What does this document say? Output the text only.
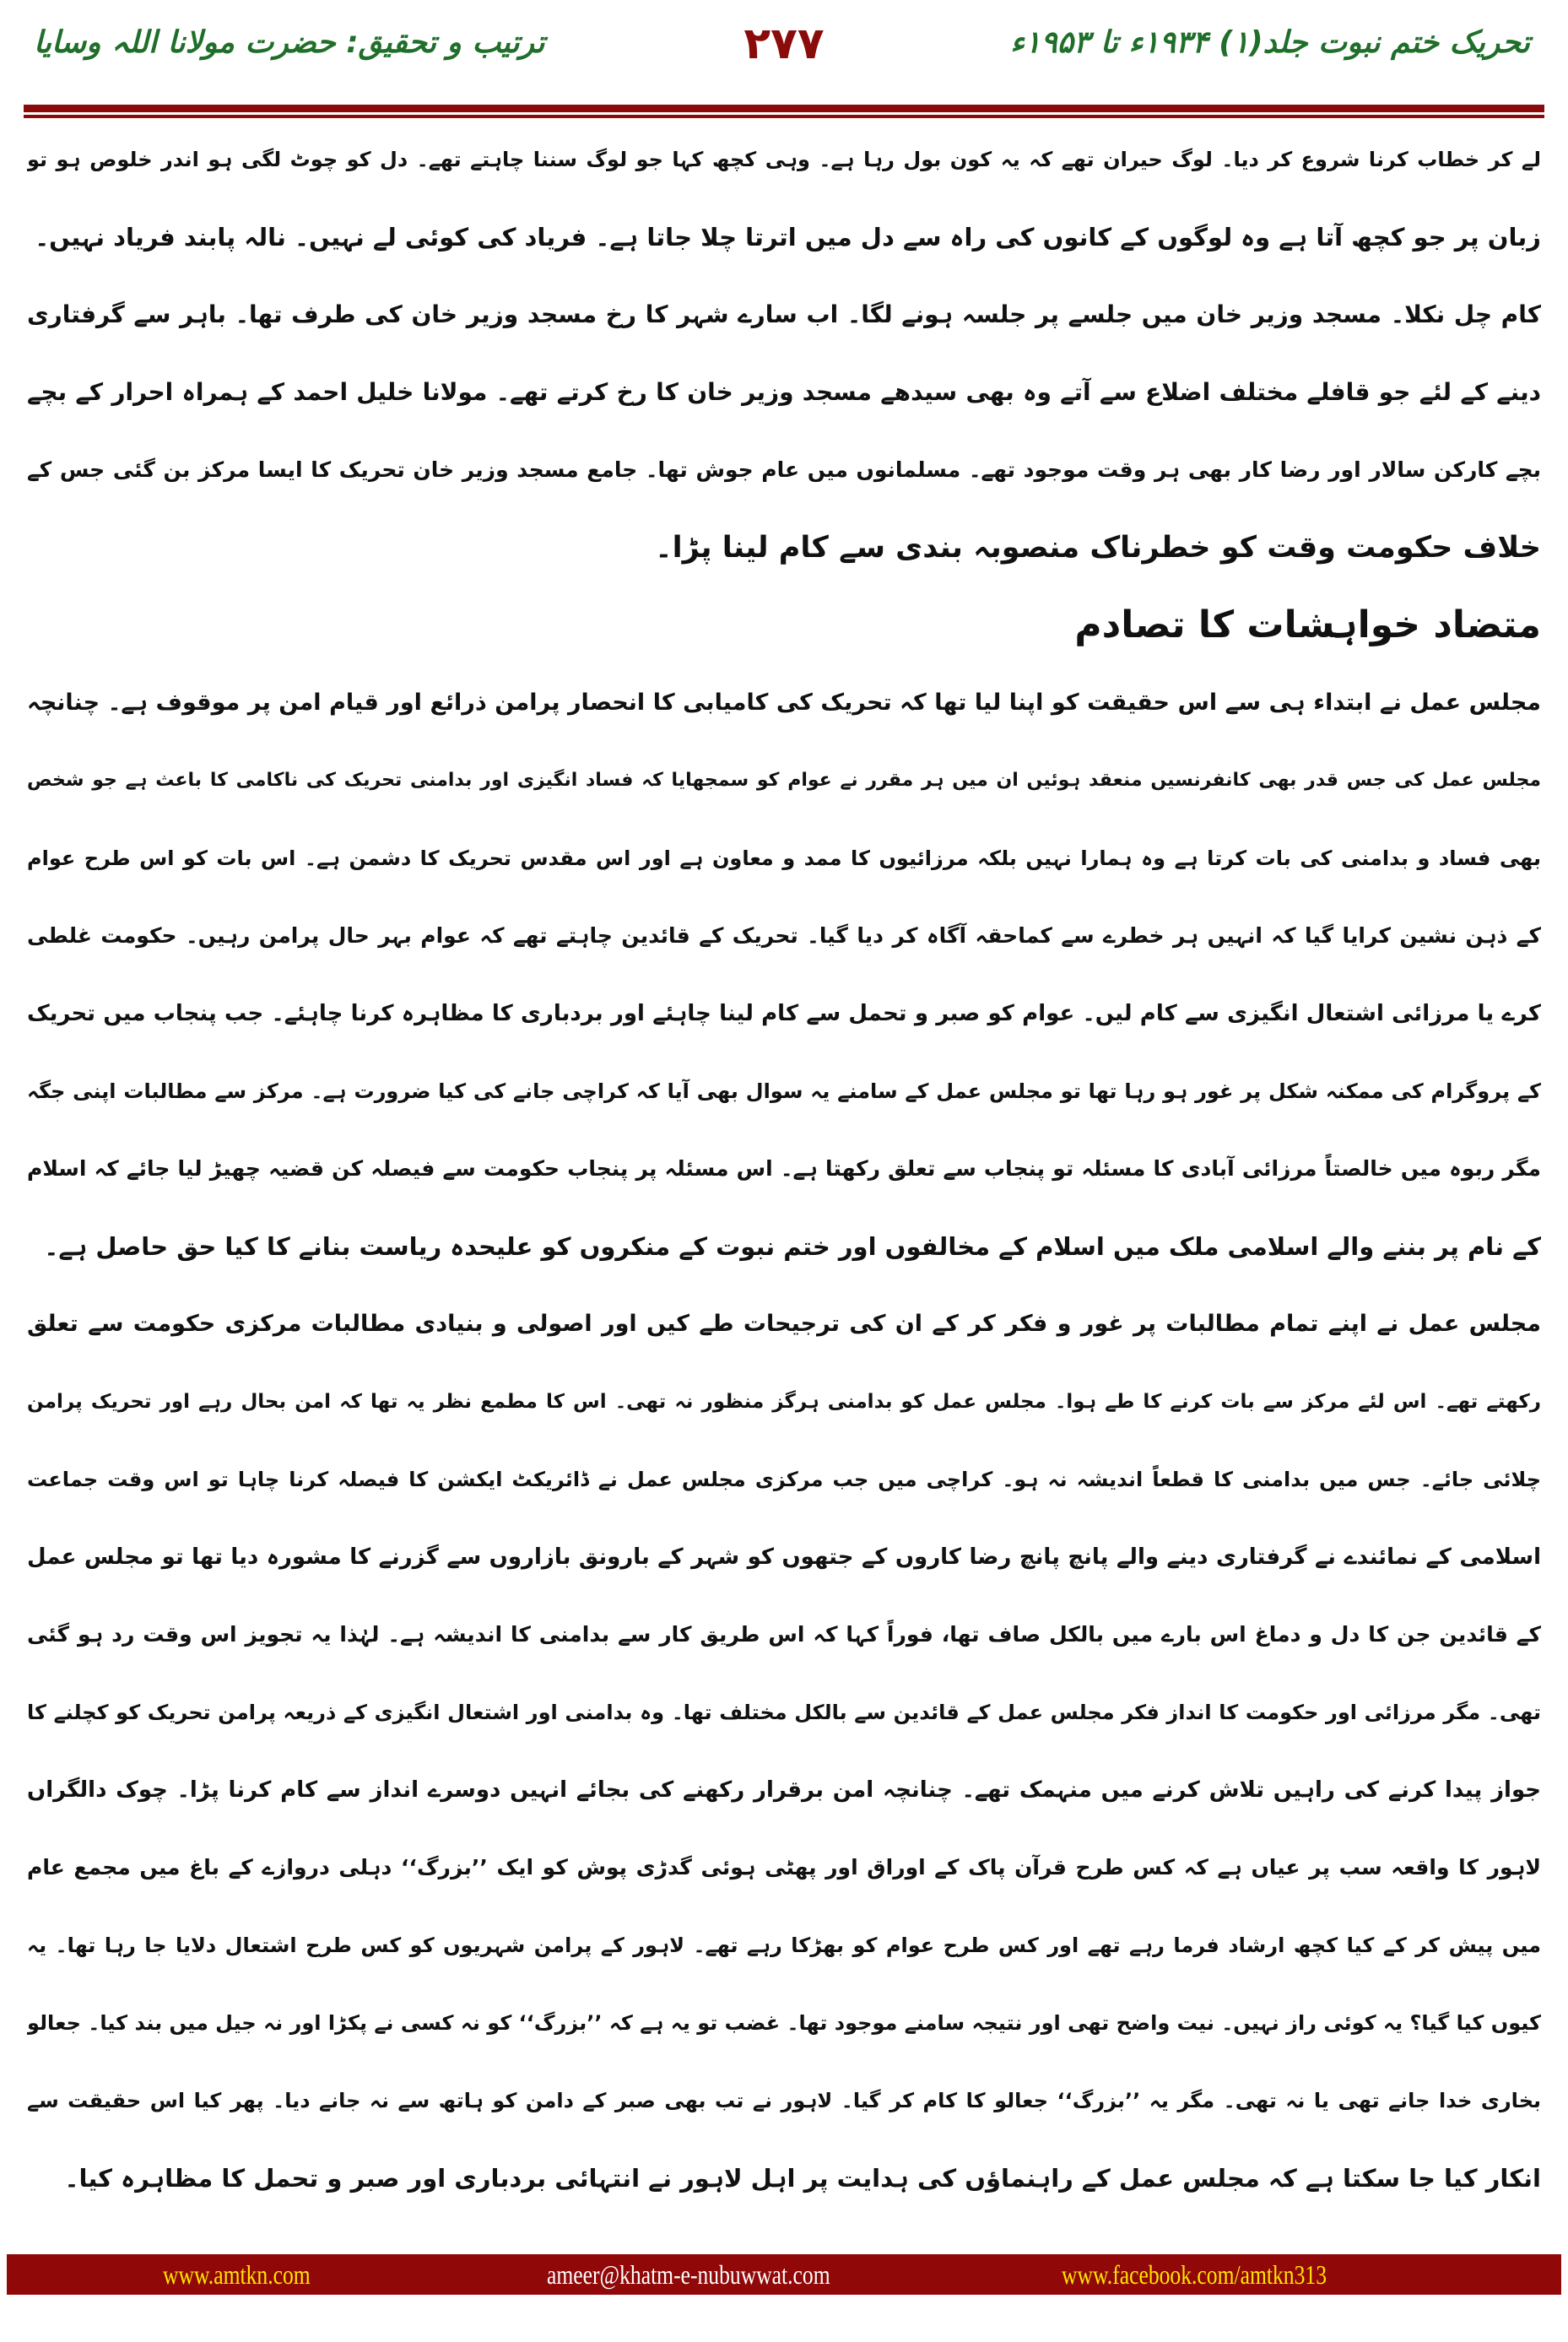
تحریک ختم نبوت جلد(۱) ۱۹۳۴ء تا ۱۹۵۳ء
۲۷۷
ترتیب و تحقیق: حضرت مولانا اللہ وسایا
لے کر خطاب کرنا شروع کر دیا۔ لوگ حیران تھے کہ یہ کون بول رہا ہے۔ وہی کچھ کہا جو لوگ سننا چاہتے تھے۔ دل کو چوٹ لگی ہو اندر خلوص ہو تو
زبان پر جو کچھ آتا ہے وہ لوگوں کے کانوں کی راہ سے دل میں اترتا چلا جاتا ہے۔ فریاد کی کوئی لے نہیں۔ نالہ پابند فریاد نہیں۔
کام چل نکلا۔ مسجد وزیر خان میں جلسے پر جلسہ ہونے لگا۔ اب سارے شہر کا رخ مسجد وزیر خان کی طرف تھا۔ باہر سے گرفتاری
دینے کے لئے جو قافلے مختلف اضلاع سے آتے وہ بھی سیدھے مسجد وزیر خان کا رخ کرتے تھے۔ مولانا خلیل احمد کے ہمراہ احرار کے بچے
بچے کارکن سالار اور رضا کار بھی ہر وقت موجود تھے۔ مسلمانوں میں عام جوش تھا۔ جامع مسجد وزیر خان تحریک کا ایسا مرکز بن گئی جس کے
خلاف حکومت وقت کو خطرناک منصوبہ بندی سے کام لینا پڑا۔
متضاد خواہشات کا تصادم
مجلس عمل نے ابتداء ہی سے اس حقیقت کو اپنا لیا تھا کہ تحریک کی کامیابی کا انحصار پرامن ذرائع اور قیام امن پر موقوف ہے۔ چنانچہ
مجلس عمل کی جس قدر بھی کانفرنسیں منعقد ہوئیں ان میں ہر مقرر نے عوام کو سمجھایا کہ فساد انگیزی اور بدامنی تحریک کی ناکامی کا باعث ہے جو شخص
بھی فساد و بدامنی کی بات کرتا ہے وہ ہمارا نہیں بلکہ مرزائیوں کا ممد و معاون ہے اور اس مقدس تحریک کا دشمن ہے۔ اس بات کو اس طرح عوام
کے ذہن نشین کرایا گیا کہ انہیں ہر خطرے سے کماحقہ آگاہ کر دیا گیا۔ تحریک کے قائدین چاہتے تھے کہ عوام بہر حال پرامن رہیں۔ حکومت غلطی
کرے یا مرزائی اشتعال انگیزی سے کام لیں۔ عوام کو صبر و تحمل سے کام لینا چاہئے اور بردباری کا مظاہرہ کرنا چاہئے۔ جب پنجاب میں تحریک
کے پروگرام کی ممکنہ شکل پر غور ہو رہا تھا تو مجلس عمل کے سامنے یہ سوال بھی آیا کہ کراچی جانے کی کیا ضرورت ہے۔ مرکز سے مطالبات اپنی جگہ
مگر ربوہ میں خالصتاً مرزائی آبادی کا مسئلہ تو پنجاب سے تعلق رکھتا ہے۔ اس مسئلہ پر پنجاب حکومت سے فیصلہ کن قضیہ چھیڑ لیا جائے کہ اسلام
کے نام پر بننے والے اسلامی ملک میں اسلام کے مخالفوں اور ختم نبوت کے منکروں کو علیحدہ ریاست بنانے کا کیا حق حاصل ہے۔
مجلس عمل نے اپنے تمام مطالبات پر غور و فکر کر کے ان کی ترجیحات طے کیں اور اصولی و بنیادی مطالبات مرکزی حکومت سے تعلق
رکھتے تھے۔ اس لئے مرکز سے بات کرنے کا طے ہوا۔ مجلس عمل کو بدامنی ہرگز منظور نہ تھی۔ اس کا مطمع نظر یہ تھا کہ امن بحال رہے اور تحریک پرامن
چلائی جائے۔ جس میں بدامنی کا قطعاً اندیشہ نہ ہو۔ کراچی میں جب مرکزی مجلس عمل نے ڈائریکٹ ایکشن کا فیصلہ کرنا چاہا تو اس وقت جماعت
اسلامی کے نمائندے نے گرفتاری دینے والے پانچ پانچ رضا کاروں کے جتھوں کو شہر کے بارونق بازاروں سے گزرنے کا مشورہ دیا تھا تو مجلس عمل
کے قائدین جن کا دل و دماغ اس بارے میں بالکل صاف تھا، فوراً کہا کہ اس طریق کار سے بدامنی کا اندیشہ ہے۔ لہٰذا یہ تجویز اس وقت رد ہو گئی
تھی۔ مگر مرزائی اور حکومت کا انداز فکر مجلس عمل کے قائدین سے بالکل مختلف تھا۔ وہ بدامنی اور اشتعال انگیزی کے ذریعہ پرامن تحریک کو کچلنے کا
جواز پیدا کرنے کی راہیں تلاش کرنے میں منہمک تھے۔ چنانچہ امن برقرار رکھنے کی بجائے انہیں دوسرے انداز سے کام کرنا پڑا۔ چوک دالگراں
لاہور کا واقعہ سب پر عیاں ہے کہ کس طرح قرآن پاک کے اوراق اور پھٹی ہوئی گدڑی پوش کو ایک ’’بزرگ‘‘ دہلی دروازے کے باغ میں مجمع عام
میں پیش کر کے کیا کچھ ارشاد فرما رہے تھے اور کس طرح عوام کو بھڑکا رہے تھے۔ لاہور کے پرامن شہریوں کو کس طرح اشتعال دلایا جا رہا تھا۔ یہ
کیوں کیا گیا؟ یہ کوئی راز نہیں۔ نیت واضح تھی اور نتیجہ سامنے موجود تھا۔ غضب تو یہ ہے کہ ’’بزرگ‘‘ کو نہ کسی نے پکڑا اور نہ جیل میں بند کیا۔ جعالو
بخاری خدا جانے تھی یا نہ تھی۔ مگر یہ ’’بزرگ‘‘ جعالو کا کام کر گیا۔ لاہور نے تب بھی صبر کے دامن کو ہاتھ سے نہ جانے دیا۔ پھر کیا اس حقیقت سے
انکار کیا جا سکتا ہے کہ مجلس عمل کے راہنماؤں کی ہدایت پر اہل لاہور نے انتہائی بردباری اور صبر و تحمل کا مظاہرہ کیا۔
www.amtkn.com	ameer@khatm-e-nubuwwat.com	www.facebook.com/amtkn313
